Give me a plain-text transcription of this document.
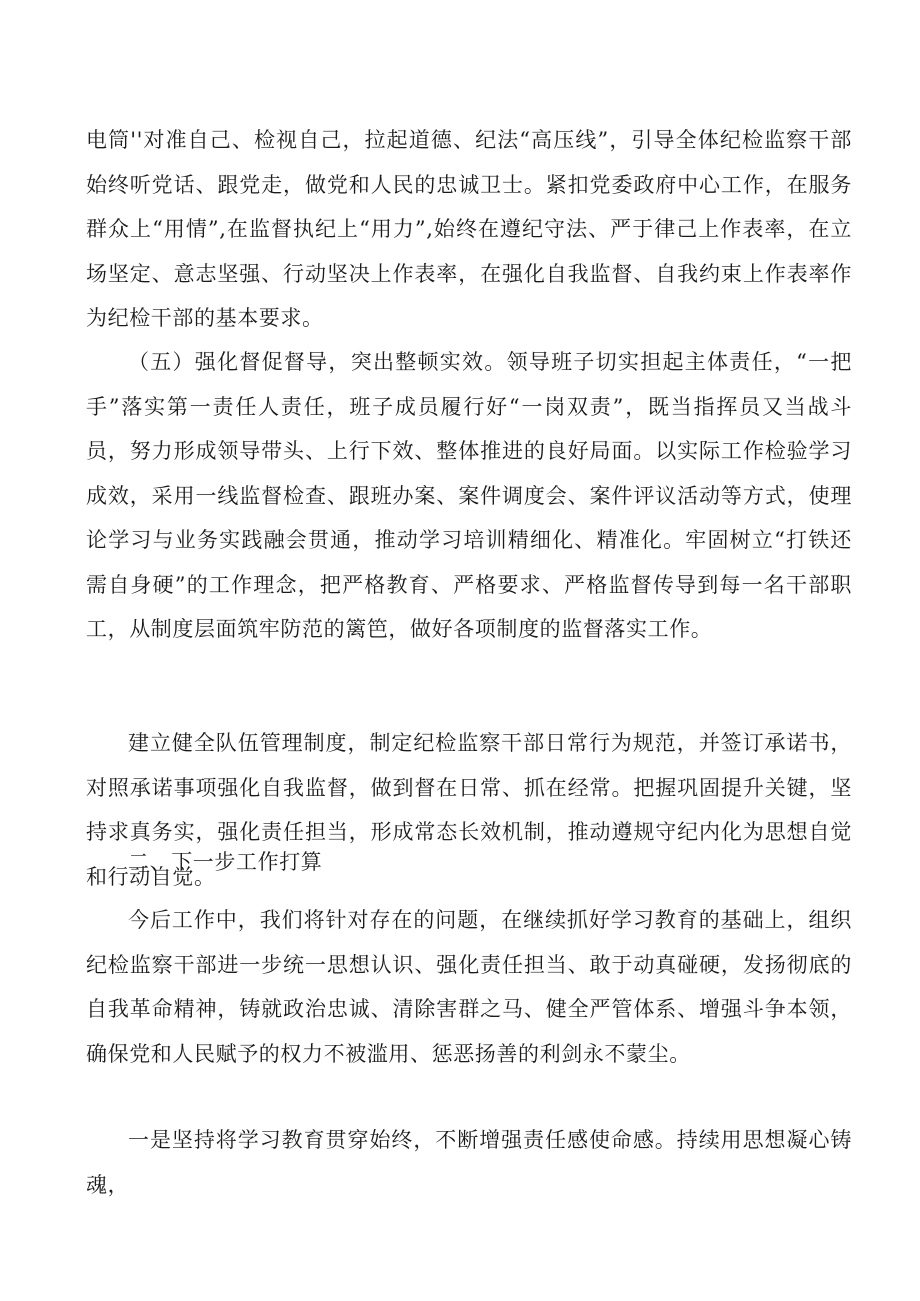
电筒''对准自己、检视自己，拉起道德、纪法“高压线”，引导全体纪检监察干部始终听党话、跟党走，做党和人民的忠诚卫士。紧扣党委政府中心工作，在服务群众上“用情”,在监督执纪上“用力”,始终在遵纪守法、严于律己上作表率，在立场坚定、意志坚强、行动坚决上作表率，在强化自我监督、自我约束上作表率作为纪检干部的基本要求。

（五）强化督促督导，突出整顿实效。领导班子切实担起主体责任，“一把手”落实第一责任人责任，班子成员履行好“一岗双责”，既当指挥员又当战斗员，努力形成领导带头、上行下效、整体推进的良好局面。以实际工作检验学习成效，采用一线监督检查、跟班办案、案件调度会、案件评议活动等方式，使理论学习与业务实践融会贯通，推动学习培训精细化、精准化。牢固树立“打铁还需自身硬”的工作理念，把严格教育、严格要求、严格监督传导到每一名干部职工，从制度层面筑牢防范的篱笆，做好各项制度的监督落实工作。

建立健全队伍管理制度，制定纪检监察干部日常行为规范，并签订承诺书，对照承诺事项强化自我监督，做到督在日常、抓在经常。把握巩固提升关键，坚持求真务实，强化责任担当，形成常态长效机制，推动遵规守纪内化为思想自觉和行动自觉。

二、下一步工作打算

今后工作中，我们将针对存在的问题，在继续抓好学习教育的基础上，组织纪检监察干部进一步统一思想认识、强化责任担当、敢于动真碰硬，发扬彻底的自我革命精神，铸就政治忠诚、清除害群之马、健全严管体系、增强斗争本领，确保党和人民赋予的权力不被滥用、惩恶扬善的利剑永不蒙尘。

一是坚持将学习教育贯穿始终，不断增强责任感使命感。持续用思想凝心铸魂，
